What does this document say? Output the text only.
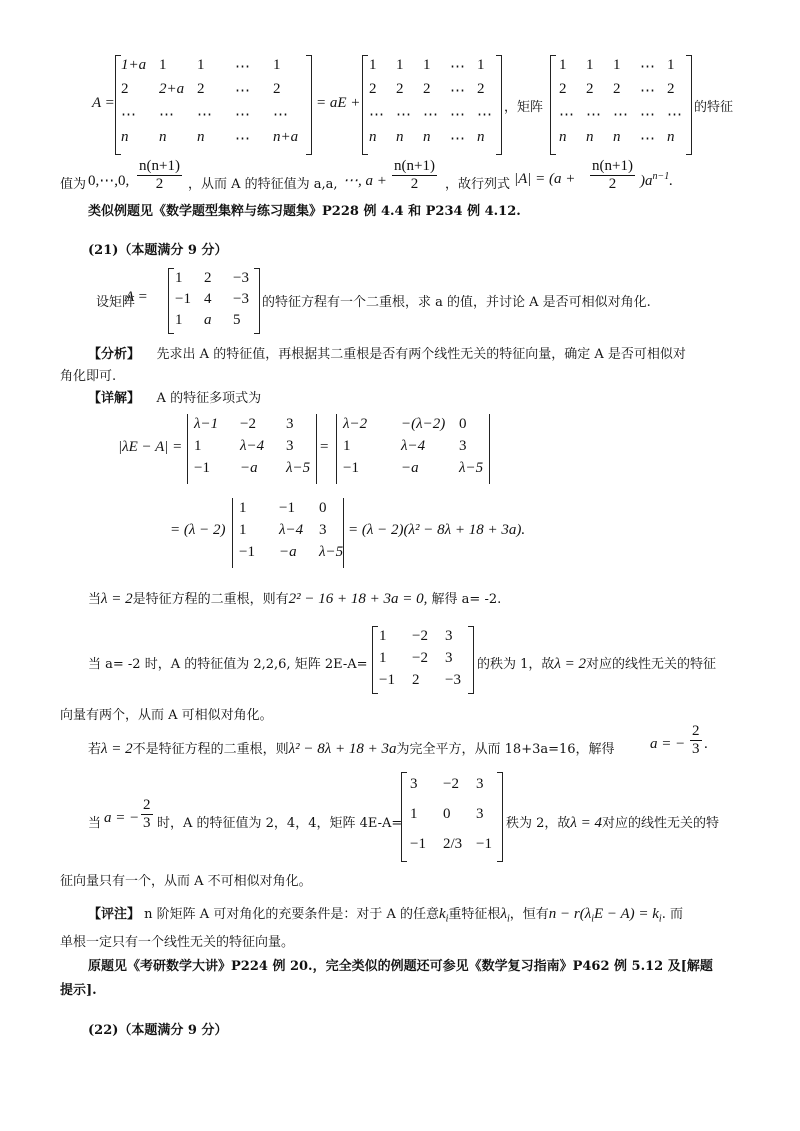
A =
1+a 1 1 ⋯ 1
2 2+a 2 ⋯ 2
⋯ ⋯ ⋯ ⋯ ⋯
n n n ⋯ n+a
= aE +
1 1 1 ⋯ 1
2 2 2 ⋯ 2
⋯ ⋯ ⋯ ⋯ ⋯
n n n ⋯ n
，矩阵
1 1 1 ⋯ 1
2 2 2 ⋯ 2
⋯ ⋯ ⋯ ⋯ ⋯
n n n ⋯ n
的特征
值为 0,⋯,0, $\frac{n(n+1)}{2}$ ，从而 A 的特征值为 a,a, ⋯, $a + \frac{n(n+1)}{2}$ ，故行列式 $|A| = (a + \frac{n(n+1)}{2} )a^{n-1}$.
类似例题见《数学题型集粹与练习题集》P228 例 4.4 和 P234 例 4.12.
(21)（本题满分 9 分）
设矩阵
A =
1 2 −3
−1 4 −3
1 a 5
的特征方程有一个二重根，求 a 的值，并讨论 A 是否可相似对角化.
【分析】 先求出 A 的特征值，再根据其二重根是否有两个线性无关的特征向量，确定 A 是否可相似对
角化即可.
【详解】 A 的特征多项式为
|λE − A| =
λ−1 −2 3
1	λ−4 3
−1 −a λ−5
=
λ−2 −(λ−2) 0
1	λ−4 3
−1	−a	λ−5
= (λ − 2)
1 −1 0
1 λ−4 3
−1 −a λ−5
= (λ − 2)(λ² − 8λ + 18 + 3a).
当λ = 2是特征方程的二重根，则有2² − 16 + 18 + 3a = 0, 解得 a= -2.
当 a= -2 时，A 的特征值为 2,2,6, 矩阵 2E-A=
1 −2 3
1 −2 3
−1 2 −3
的秩为 1，故λ = 2对应的线性无关的特征
向量有两个，从而 A 可相似对角化。
若λ = 2不是特征方程的二重根，则λ² − 8λ + 18 + 3a为完全平方，从而 18+3a=16，解得 a = − $\frac{2}{3}$ .
当 a = − $\frac{2}{3}$ 时，A 的特征值为 2，4，4，矩阵 4E-A=
3 −2 3
1 0 3
−1 2/3 −1
秩为 2，故λ = 4对应的线性无关的特
征向量只有一个，从而 A 不可相似对角化。
【评注】 n 阶矩阵 A 可对角化的充要条件是：对于 A 的任意$k_i$重特征根$\lambda_i$，恒有$n - r(\lambda_iE - A) = k_i$. 而
单根一定只有一个线性无关的特征向量。
原题见《考研数学大讲》P224 例 20.，完全类似的例题还可参见《数学复习指南》P462 例 5.12 及[解题
提示].
(22)（本题满分 9 分）
